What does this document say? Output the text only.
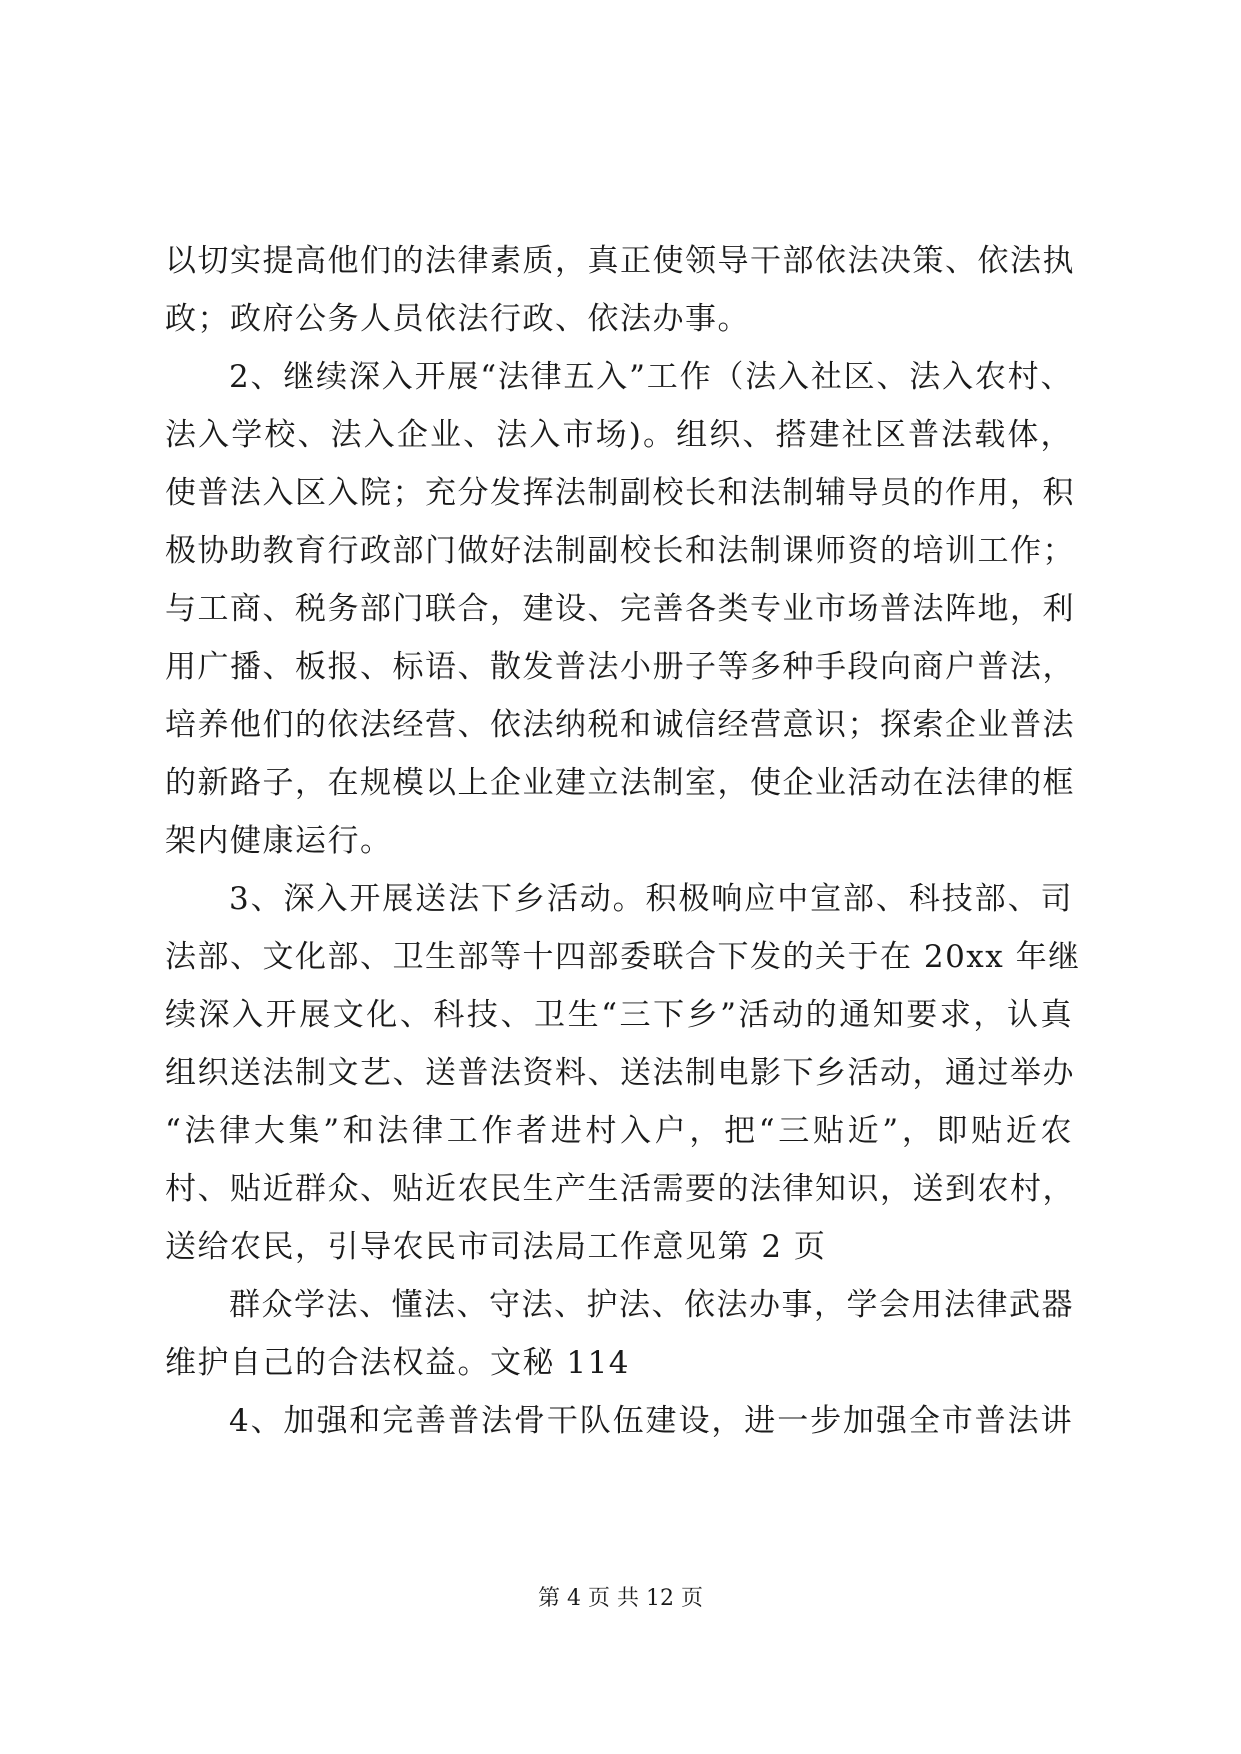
以切实提高他们的法律素质，真正使领导干部依法决策、依法执
政；政府公务人员依法行政、依法办事。
2、继续深入开展“法律五入”工作（法入社区、法入农村、
法入学校、法入企业、法入市场)。组织、搭建社区普法载体，
使普法入区入院；充分发挥法制副校长和法制辅导员的作用，积
极协助教育行政部门做好法制副校长和法制课师资的培训工作；
与工商、税务部门联合，建设、完善各类专业市场普法阵地，利
用广播、板报、标语、散发普法小册子等多种手段向商户普法，
培养他们的依法经营、依法纳税和诚信经营意识；探索企业普法
的新路子，在规模以上企业建立法制室，使企业活动在法律的框
架内健康运行。
3、深入开展送法下乡活动。积极响应中宣部、科技部、司
法部、文化部、卫生部等十四部委联合下发的关于在 20xx 年继
续深入开展文化、科技、卫生“三下乡”活动的通知要求，认真
组织送法制文艺、送普法资料、送法制电影下乡活动，通过举办
“法律大集”和法律工作者进村入户，把“三贴近”，即贴近农
村、贴近群众、贴近农民生产生活需要的法律知识，送到农村，
送给农民，引导农民市司法局工作意见第 2 页
群众学法、懂法、守法、护法、依法办事，学会用法律武器
维护自己的合法权益。文秘 114
4、加强和完善普法骨干队伍建设，进一步加强全市普法讲
第 4 页 共 12 页
